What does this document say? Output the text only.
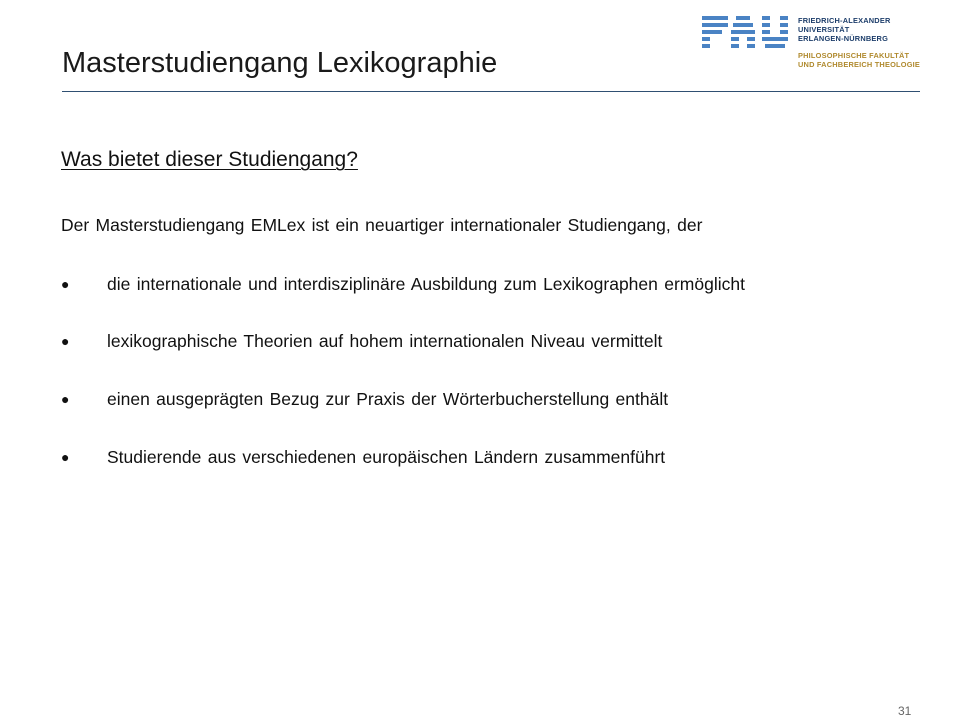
FRIEDRICH-ALEXANDER
UNIVERSITÄT
ERLANGEN-NÜRNBERG
PHILOSOPHISCHE FAKULTÄT
UND FACHBEREICH THEOLOGIE
Masterstudiengang Lexikographie
Was bietet dieser Studiengang?
Der Masterstudiengang EMLex ist ein neuartiger internationaler Studiengang, der
● die internationale und interdisziplinäre Ausbildung zum Lexikographen ermöglicht
● lexikographische Theorien auf hohem internationalen Niveau vermittelt
● einen ausgeprägten Bezug zur Praxis der Wörterbucherstellung enthält
● Studierende aus verschiedenen europäischen Ländern zusammenführt
31
